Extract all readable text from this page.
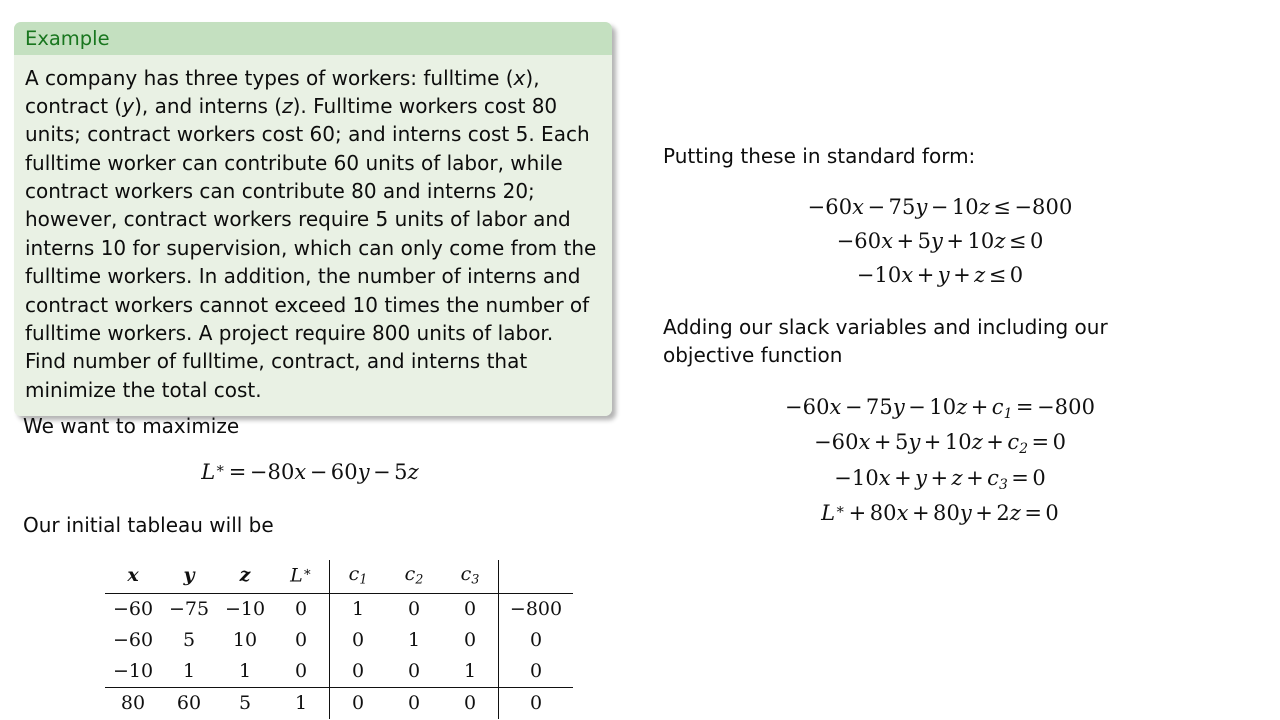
Example

A company has three types of workers: fulltime (x), contract (y), and interns (z). Fulltime workers cost 80 units; contract workers cost 60; and interns cost 5. Each fulltime worker can contribute 60 units of labor, while contract workers can contribute 80 and interns 20; however, contract workers require 5 units of labor and interns 10 for supervision, which can only come from the fulltime workers. In addition, the number of interns and contract workers cannot exceed 10 times the number of fulltime workers. A project require 800 units of labor. Find number of fulltime, contract, and interns that minimize the total cost.

We want to maximize
L∗ = −80x − 60y − 5z
Our initial tableau will be
x	y	z	L∗	$c_1$	$c_2$	$c_3$	
−60	−75	−10	0	1	0	0	−800
−60	5	10	0	0	1	0	0
−10	1	1	0	0	0	1	0
80	60	5	1	0	0	0	0
Putting these in standard form:
−60x − 75y − 10z ≤ −800
−60x + 5y + 10z ≤ 0
−10x + y + z ≤ 0
Adding our slack variables and including our objective function
$-60x - 75y - 10z + c_1 = -800$
$-60x + 5y + 10z + c_2 = 0$
$-10x + y + z + c_3 = 0$
L∗ + 80x + 80y + 2z = 0
